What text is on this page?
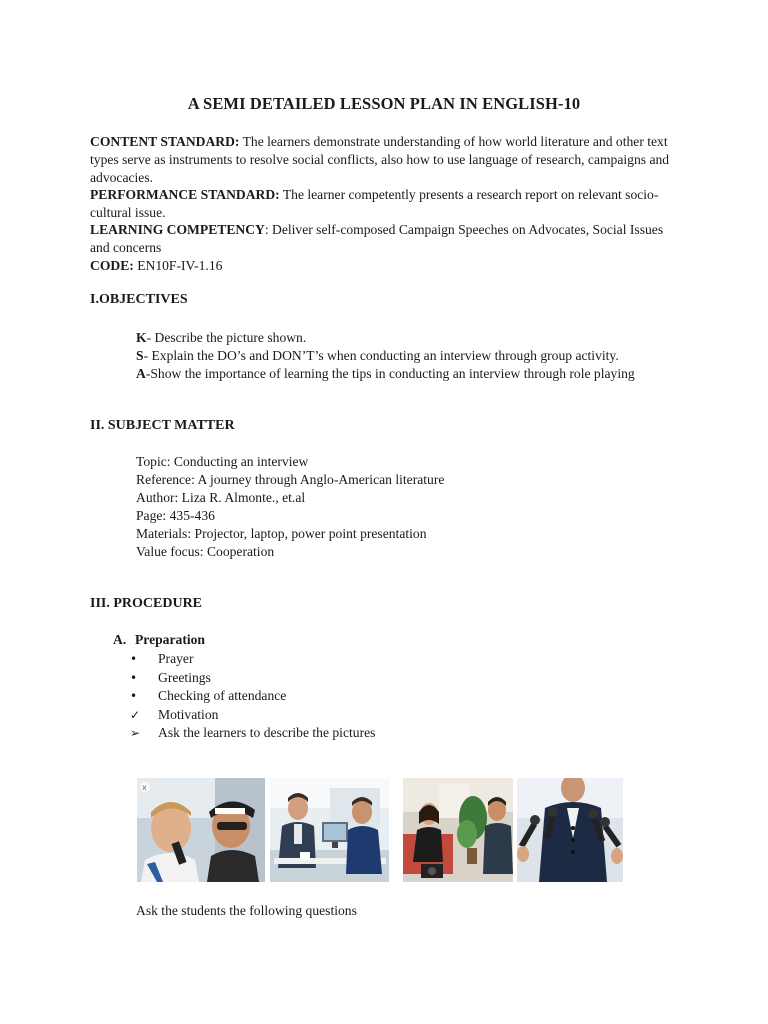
A SEMI DETAILED LESSON PLAN IN ENGLISH-10
CONTENT STANDARD: The learners demonstrate understanding of how world literature and other text types serve as instruments to resolve social conflicts, also how to use language of research, campaigns and advocacies.
PERFORMANCE STANDARD: The learner competently presents a research report on relevant socio-cultural issue.
LEARNING COMPETENCY: Deliver self-composed Campaign Speeches on Advocates, Social Issues and concerns
CODE: EN10F-IV-1.16
I.OBJECTIVES
K- Describe the picture shown.
S- Explain the DO’s and DON’T’s when conducting an interview through group activity.
A-Show the importance of learning the tips in conducting an interview through role playing
II. SUBJECT MATTER
Topic: Conducting an interview
Reference: A journey through Anglo-American literature
Author: Liza R. Almonte., et.al
Page: 435-436
Materials: Projector, laptop, power point presentation
Value focus: Cooperation
III. PROCEDURE
A. Preparation
•	Prayer
•	Greetings
•	Checking of attendance
✓	Motivation
➢	Ask the learners to describe the pictures
x
Ask the students the following questions
